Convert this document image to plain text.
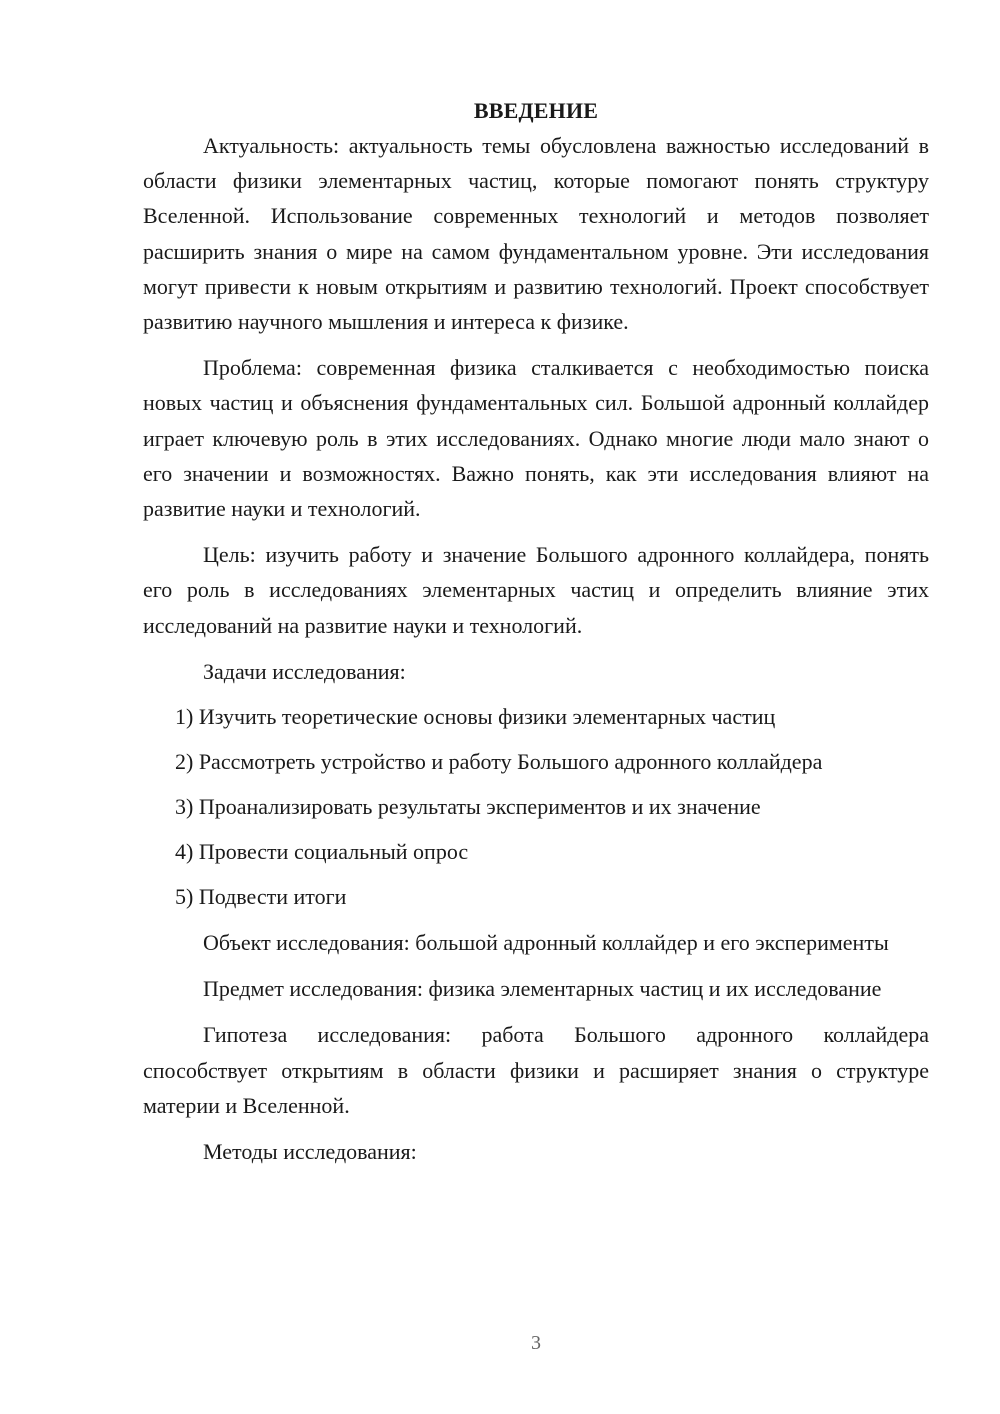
ВВЕДЕНИЕ

Актуальность: актуальность темы обусловлена важностью исследований в области физики элементарных частиц, которые помогают понять структуру Вселенной. Использование современных технологий и методов позволяет расширить знания о мире на самом фундаментальном уровне. Эти исследования могут привести к новым открытиям и развитию технологий. Проект способствует развитию научного мышления и интереса к физике.

Проблема: современная физика сталкивается с необходимостью поиска новых частиц и объяснения фундаментальных сил. Большой адронный коллайдер играет ключевую роль в этих исследованиях. Однако многие люди мало знают о его значении и возможностях. Важно понять, как эти исследования влияют на развитие науки и технологий.

Цель: изучить работу и значение Большого адронного коллайдера, понять его роль в исследованиях элементарных частиц и определить влияние этих исследований на развитие науки и технологий.

Задачи исследования:

1) Изучить теоретические основы физики элементарных частиц
2) Рассмотреть устройство и работу Большого адронного коллайдера
3) Проанализировать результаты экспериментов и их значение
4) Провести социальный опрос
5) Подвести итоги

Объект исследования: большой адронный коллайдер и его эксперименты

Предмет исследования: физика элементарных частиц и их исследование

Гипотеза исследования: работа Большого адронного коллайдера способствует открытиям в области физики и расширяет знания о структуре материи и Вселенной.

Методы исследования:

3
